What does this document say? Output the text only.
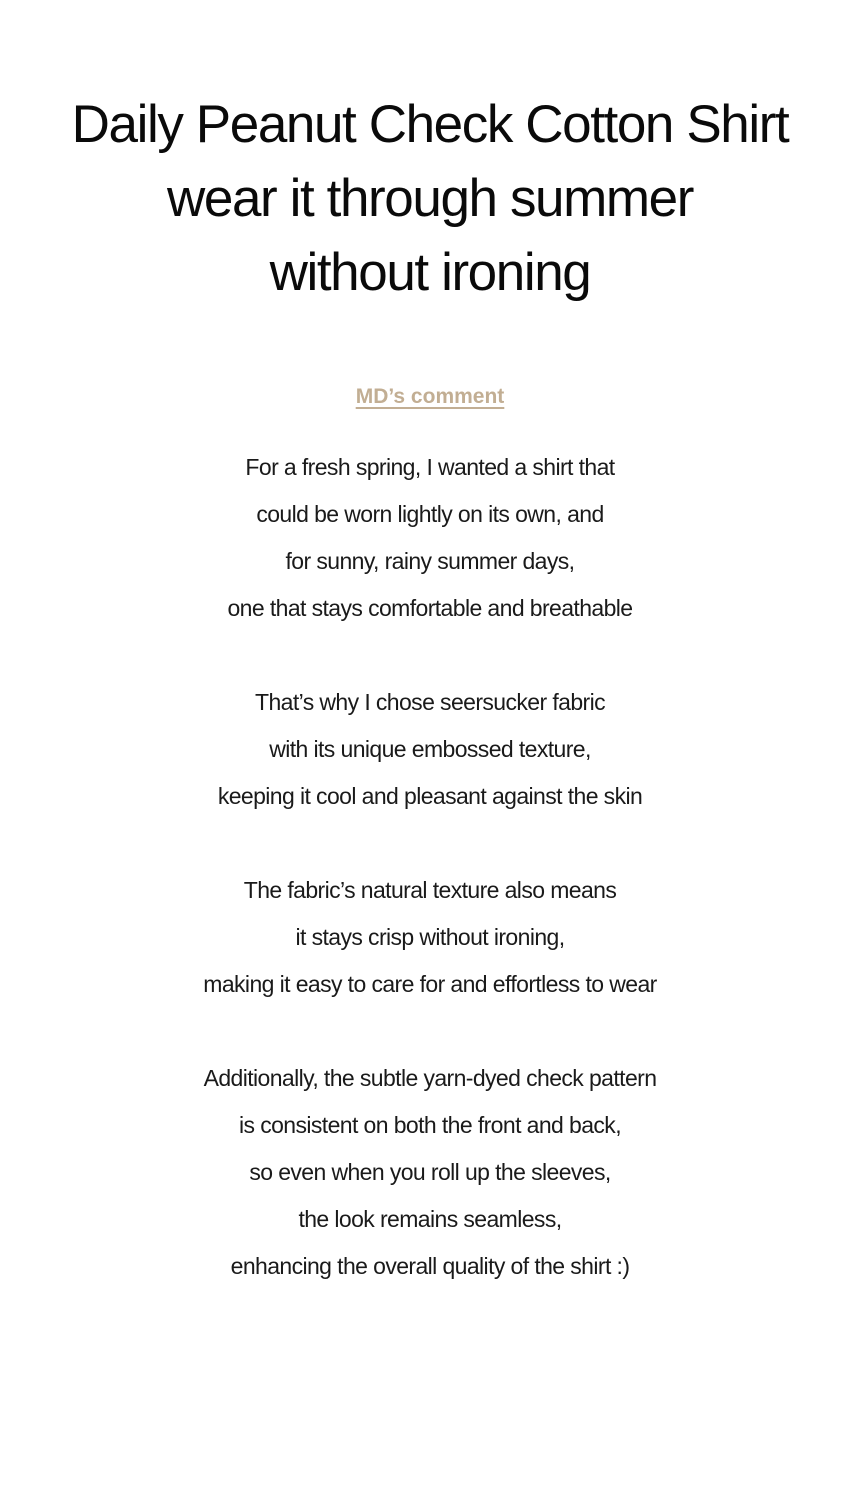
Daily Peanut Check Cotton Shirt
wear it through summer
without ironing
MD’s comment

For a fresh spring, I wanted a shirt that
could be worn lightly on its own, and
for sunny, rainy summer days,
one that stays comfortable and breathable

That’s why I chose seersucker fabric
with its unique embossed texture,
keeping it cool and pleasant against the skin

The fabric’s natural texture also means
it stays crisp without ironing,
making it easy to care for and effortless to wear

Additionally, the subtle yarn-dyed check pattern
is consistent on both the front and back,
so even when you roll up the sleeves,
the look remains seamless,
enhancing the overall quality of the shirt :)
